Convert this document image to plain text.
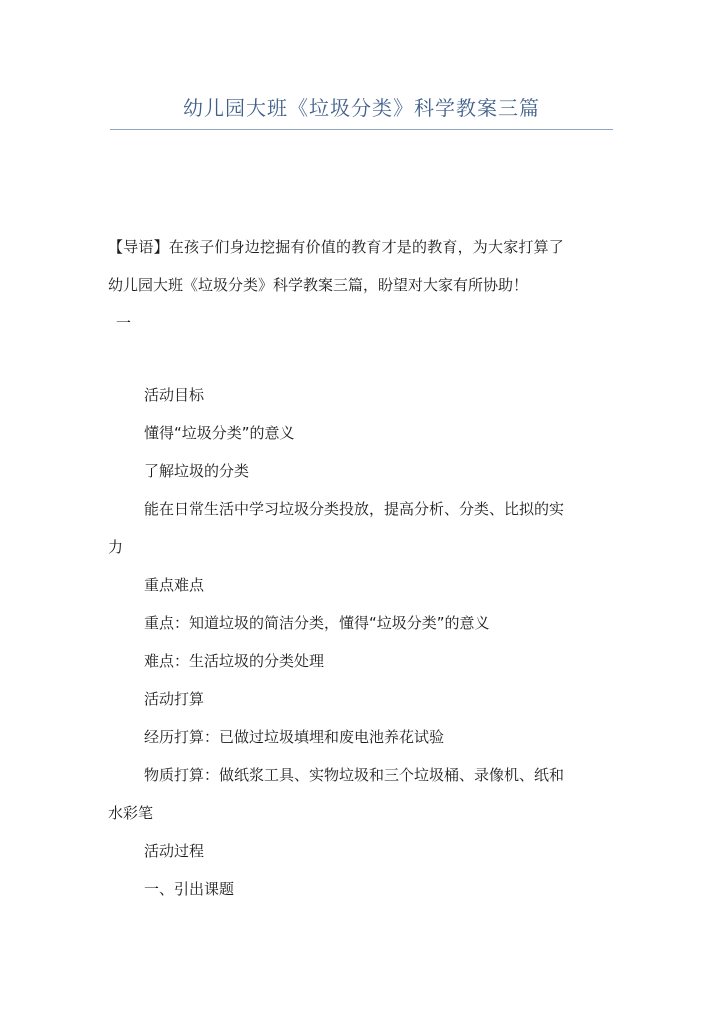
幼儿园大班《垃圾分类》科学教案三篇

【导语】在孩子们身边挖掘有价值的教育才是的教育，为大家打算了

幼儿园大班《垃圾分类》科学教案三篇，盼望对大家有所协助！

一

活动目标

懂得“垃圾分类”的意义

了解垃圾的分类

能在日常生活中学习垃圾分类投放，提高分析、分类、比拟的实

力

重点难点

重点：知道垃圾的简洁分类，懂得“垃圾分类”的意义

难点：生活垃圾的分类处理

活动打算

经历打算：已做过垃圾填埋和废电池养花试验

物质打算：做纸浆工具、实物垃圾和三个垃圾桶、录像机、纸和

水彩笔

活动过程

一、引出课题
